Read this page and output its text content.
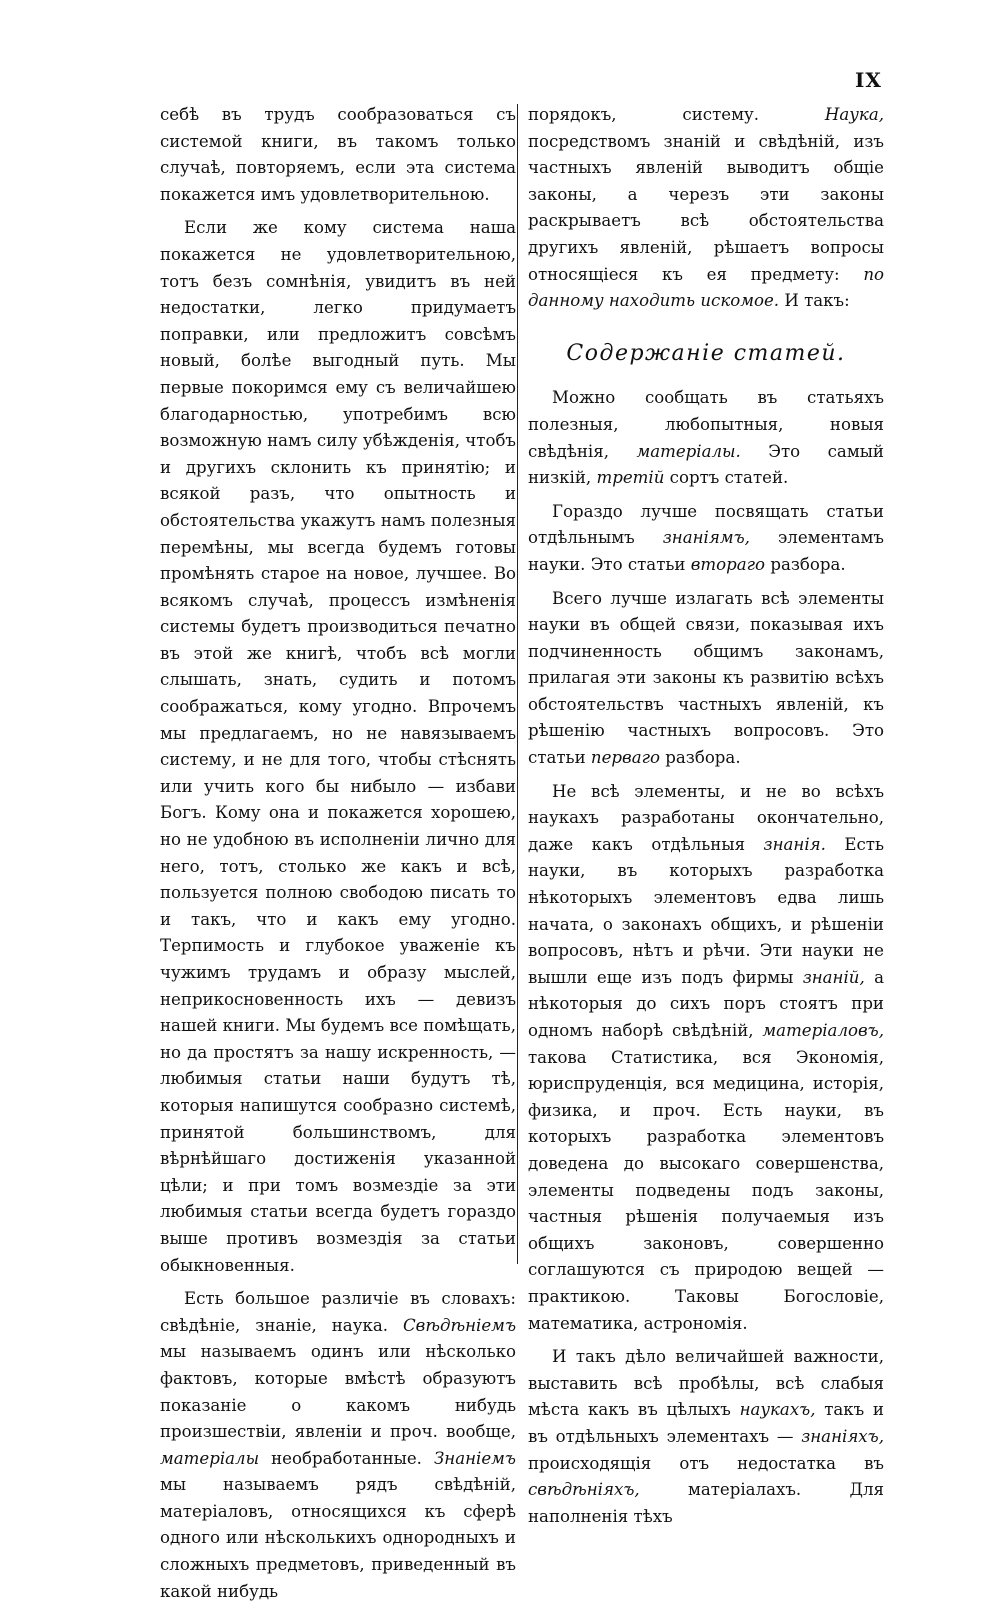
IX

себѣ въ трудъ сообразоваться съ системой книги, въ такомъ только случаѣ, повторяемъ, если эта система покажется имъ удовлетворительною.

Если же кому система наша покажется не удовлетворительною, тотъ безъ сомнѣнія, увидитъ въ ней недостатки, легко придумаетъ поправки, или предложитъ совсѣмъ новый, болѣе выгодный путь. Мы первые покоримся ему съ величайшею благодарностью, употребимъ всю возможную намъ силу убѣжденія, чтобъ и другихъ склонить къ принятію; и всякой разъ, что опытность и обстоятельства укажутъ намъ полезныя перемѣны, мы всегда будемъ готовы промѣнять старое на новое, лучшее. Во всякомъ случаѣ, процессъ измѣненія системы будетъ производиться печатно въ этой же книгѣ, чтобъ всѣ могли слышать, знать, судить и потомъ соображаться, кому угодно. Впрочемъ мы предлагаемъ, но не навязываемъ систему, и не для того, чтобы стѣснять или учить кого бы нибыло — избави Богъ. Кому она и покажется хорошею, но не удобною въ исполненіи лично для него, тотъ, столько же какъ и всѣ, пользуется полною свободою писать то и такъ, что и какъ ему угодно. Терпимость и глубокое уваженіе къ чужимъ трудамъ и образу мыслей, неприкосновенность ихъ — девизъ нашей книги. Мы будемъ все помѣщать, но да простятъ за нашу искренность, — любимыя статьи наши будутъ тѣ, которыя напишутся сообразно системѣ, принятой большинствомъ, для вѣрнѣйшаго достиженія указанной цѣли; и при томъ возмездіе за эти любимыя статьи всегда будетъ гораздо выше противъ возмездія за статьи обыкновенныя.

Есть большое различіе въ словахъ: свѣдѣніе, знаніе, наука. Свѣдѣніемъ мы называемъ одинъ или нѣсколько фактовъ, которые вмѣстѣ образуютъ показаніе о какомъ нибудь произшествіи, явленіи и проч. вообще, матеріалы необработанные. Знаніемъ мы называемъ рядъ свѣдѣній, матеріаловъ, относящихся къ сферѣ одного или нѣсколькихъ однородныхъ и сложныхъ предметовъ, приведенный въ какой нибудь

порядокъ, систему. Наука, посредствомъ знаній и свѣдѣній, изъ частныхъ явленій выводитъ общіе законы, а черезъ эти законы раскрываетъ всѣ обстоятельства другихъ явленій, рѣшаетъ вопросы относящіеся къ ея предмету: по данному находить искомое. И такъ:

Содержаніе статей.

Можно сообщать въ статьяхъ полезныя, любопытныя, новыя свѣдѣнія, матеріалы. Это самый низкій, третій сортъ статей.

Гораздо лучше посвящать статьи отдѣльнымъ знаніямъ, элементамъ науки. Это статьи втораго разбора.

Всего лучше излагать всѣ элементы науки въ общей связи, показывая ихъ подчиненность общимъ законамъ, прилагая эти законы къ развитію всѣхъ обстоятельствъ частныхъ явленій, къ рѣшенію частныхъ вопросовъ. Это статьи перваго разбора.

Не всѣ элементы, и не во всѣхъ наукахъ разработаны окончательно, даже какъ отдѣльныя знанія. Есть науки, въ которыхъ разработка нѣкоторыхъ элементовъ едва лишь начата, о законахъ общихъ, и рѣшеніи вопросовъ, нѣтъ и рѣчи. Эти науки не вышли еще изъ подъ фирмы знаній, а нѣкоторыя до сихъ поръ стоятъ при одномъ наборѣ свѣдѣній, матеріаловъ, такова Статистика, вся Экономія, юриспруденція, вся медицина, исторія, физика, и проч. Есть науки, въ которыхъ разработка элементовъ доведена до высокаго совершенства, элементы подведены подъ законы, частныя рѣшенія получаемыя изъ общихъ законовъ, совершенно соглашуются съ природою вещей — практикою. Таковы Богословіе, математика, астрономія.

И такъ дѣло величайшей важности, выставить всѣ пробѣлы, всѣ слабыя мѣста какъ въ цѣлыхъ наукахъ, такъ и въ отдѣльныхъ элементахъ — знаніяхъ, происходящія отъ недостатка въ свѣдѣніяхъ, матеріалахъ. Для наполненія тѣхъ
